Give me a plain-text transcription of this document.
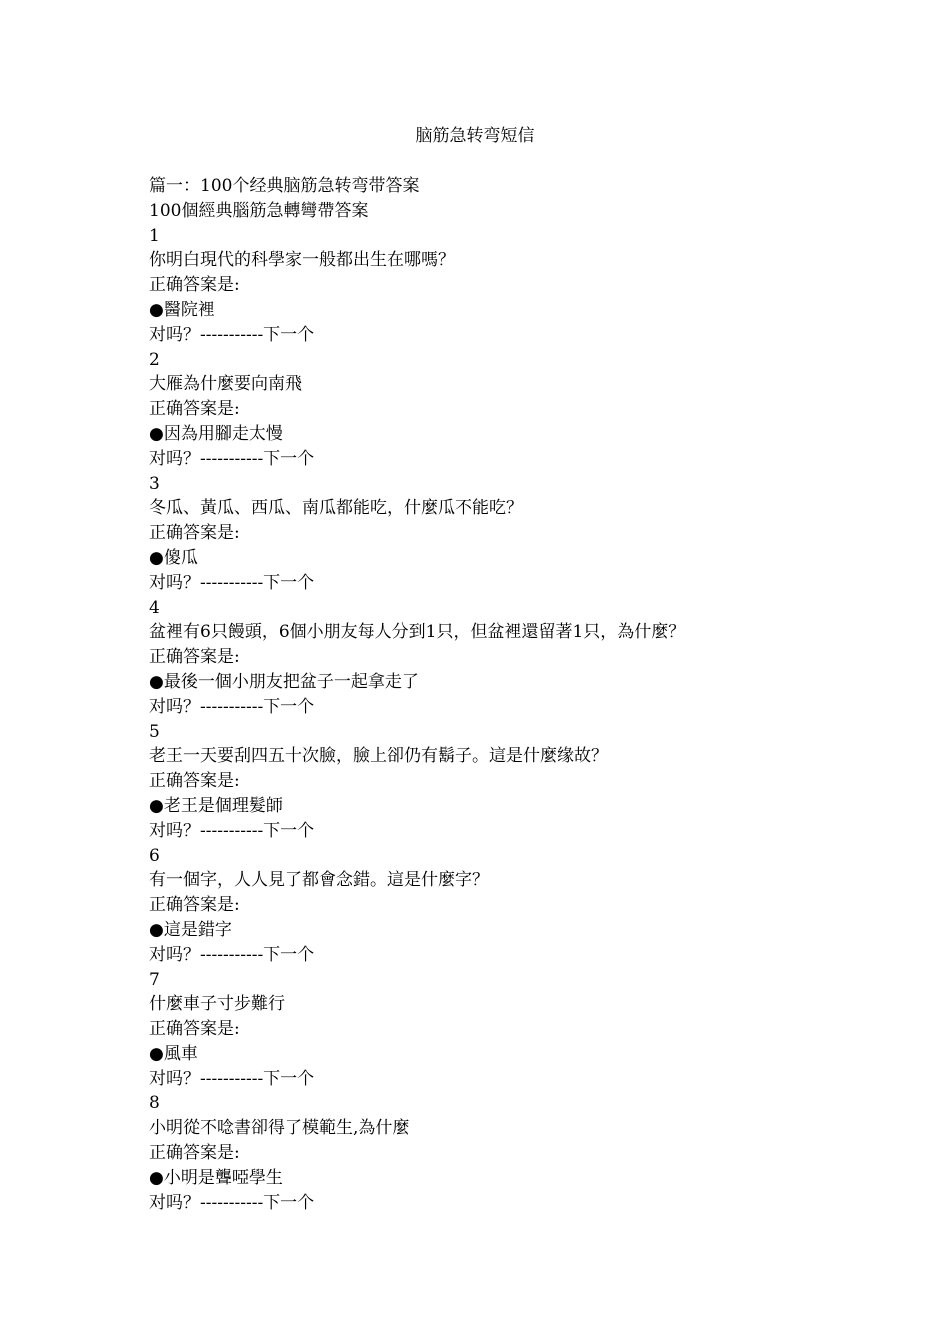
脑筋急转弯短信
篇一：100个经典脑筋急转弯带答案
100個經典腦筋急轉彎帶答案
1
你明白現代的科學家一般都出生在哪嗎？
正确答案是:
●醫院裡
对吗？-----------下一个
2
大雁為什麼要向南飛
正确答案是:
●因為用腳走太慢
对吗？-----------下一个
3
冬瓜、黃瓜、西瓜、南瓜都能吃，什麼瓜不能吃？
正确答案是:
●傻瓜
对吗？-----------下一个
4
盆裡有6只饅頭，6個小朋友每人分到1只，但盆裡還留著1只，為什麼？
正确答案是:
●最後一個小朋友把盆子一起拿走了
对吗？-----------下一个
5
老王一天要刮四五十次臉，臉上卻仍有鬍子。這是什麼缘故？
正确答案是:
●老王是個理髮師
对吗？-----------下一个
6
有一個字，人人見了都會念錯。這是什麼字？
正确答案是:
●這是錯字
对吗？-----------下一个
7
什麼車子寸步難行
正确答案是:
●風車
对吗？-----------下一个
8
小明從不唸書卻得了模範生,為什麼
正确答案是:
●小明是聾啞學生
对吗？-----------下一个
